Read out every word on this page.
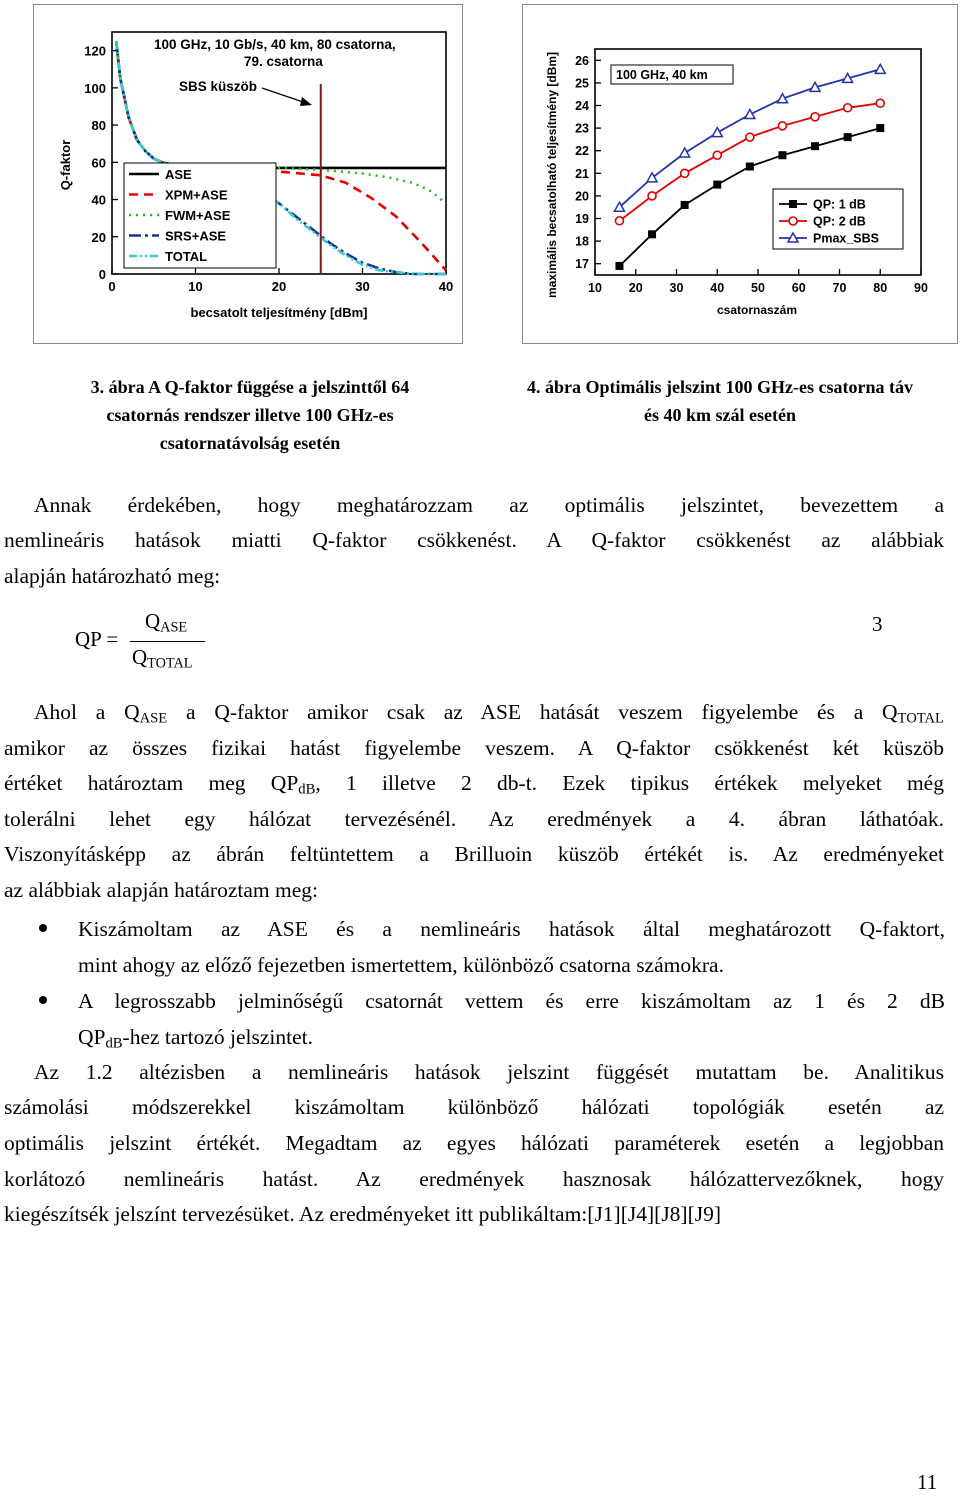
0	10	20	30	40
0
20
40
60
80
100
120	100 GHz, 10 Gb/s, 40 km, 80 csatorna,
79. csatorna
SBS küszöb
ASE
XPM+ASE
FWM+ASE
SRS+ASE
TOTAL
Q-faktor
becsatolt teljesítmény [dBm]
10 20 30 40 50 60 70 80 90
17
18
19
20
21
22
23
24
25
26
100 GHz, 40 km
QP: 1 dB
QP: 2 dB
Pmax_SBS
maximális becsatolható teljesítmény [dBm]
csatornaszám
3. ábra A Q-faktor függése a jelszinttől 64
csatornás rendszer illetve 100 GHz-es
csatornatávolság esetén
4. ábra Optimális jelszint 100 GHz-es csatorna táv
és 40 km szál esetén

Annak érdekében, hogy meghatározzam az optimális jelszintet, bevezettem a

nemlineáris hatások miatti Q-faktor csökkenést. A Q-faktor csökkenést az alábbiak

alapján határozható meg:

QP =
$Q_{ASE}$
$Q_{TOTAL}$
3

Ahol a $Q_{ASE}$ a Q-faktor amikor csak az ASE hatását veszem figyelembe és a $Q_{TOTAL}$

amikor az összes fizikai hatást figyelembe veszem. A Q-faktor csökkenést két küszöb

értéket határoztam meg $QP_{dB}$, 1 illetve 2 db-t. Ezek tipikus értékek melyeket még

tolerálni lehet egy hálózat tervezésénél. Az eredmények a 4. ábran láthatóak.

Viszonyításképp az ábrán feltüntettem a Brilluoin küszöb értékét is. Az eredményeket

az alábbiak alapján határoztam meg:

Kiszámoltam az ASE és a nemlineáris hatások által meghatározott Q-faktort,

mint ahogy az előző fejezetben ismertettem, különböző csatorna számokra.

A legrosszabb jelminőségű csatornát vettem és erre kiszámoltam az 1 és 2 dB

$QP_{dB}$-hez tartozó jelszintet.

Az 1.2 altézisben a nemlineáris hatások jelszint függését mutattam be. Analitikus

számolási módszerekkel kiszámoltam különböző hálózati topológiák esetén az

optimális jelszint értékét. Megadtam az egyes hálózati paraméterek esetén a legjobban

korlátozó nemlineáris hatást. Az eredmények hasznosak hálózattervezőknek, hogy

kiegészítsék jelszínt tervezésüket. Az eredményeket itt publikáltam:[J1][J4][J8][J9]

11
